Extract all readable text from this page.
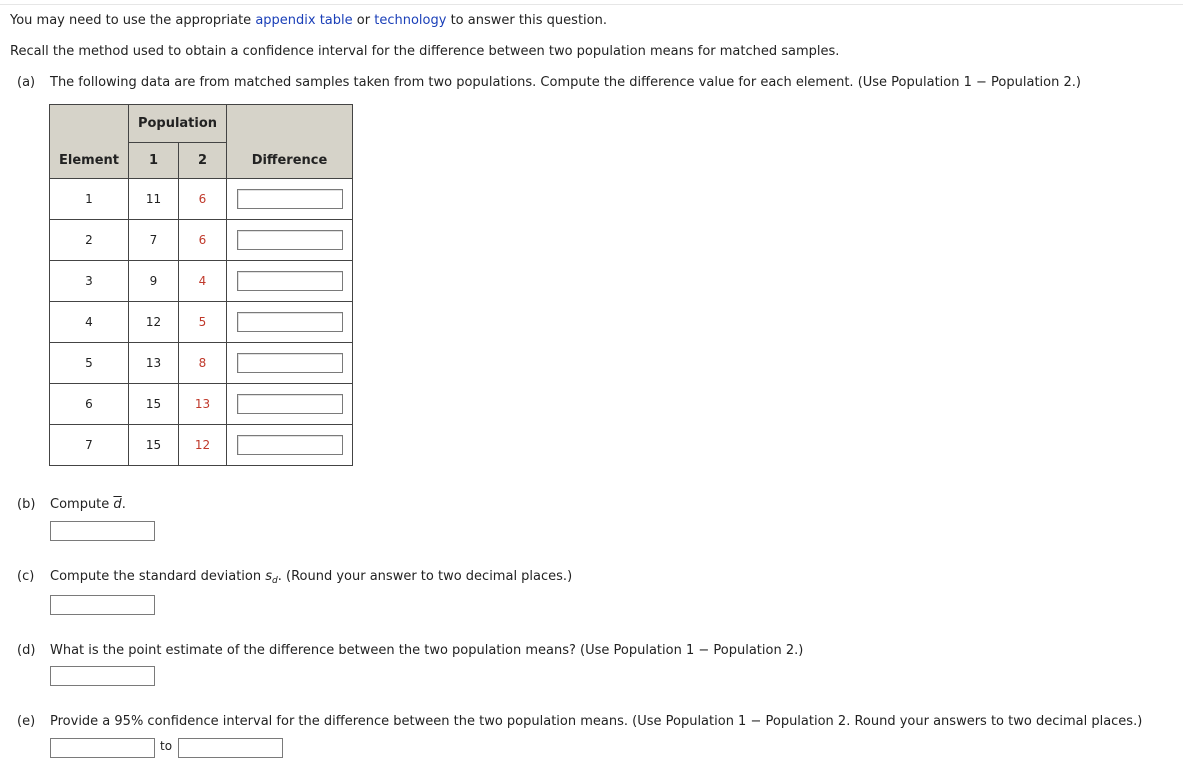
You may need to use the appropriate appendix table or technology to answer this question.
Recall the method used to obtain a confidence interval for the difference between two population means for matched samples.
(a) The following data are from matched samples taken from two populations. Compute the difference value for each element. (Use Population 1 − Population 2.)
	Population		
Element	1	2	Difference
1	11	6	

2	7	6	

3	9	4	

4	12	5	

5	13	8	

6	15	13	

7	15	12	
(b) Compute $\overline{d}$.
(c) Compute the standard deviation $s_d$. (Round your answer to two decimal places.)
(d) What is the point estimate of the difference between the two population means? (Use Population 1 − Population 2.)
(e) Provide a 95% confidence interval for the difference between the two population means. (Use Population 1 − Population 2. Round your answers to two decimal places.)
to
